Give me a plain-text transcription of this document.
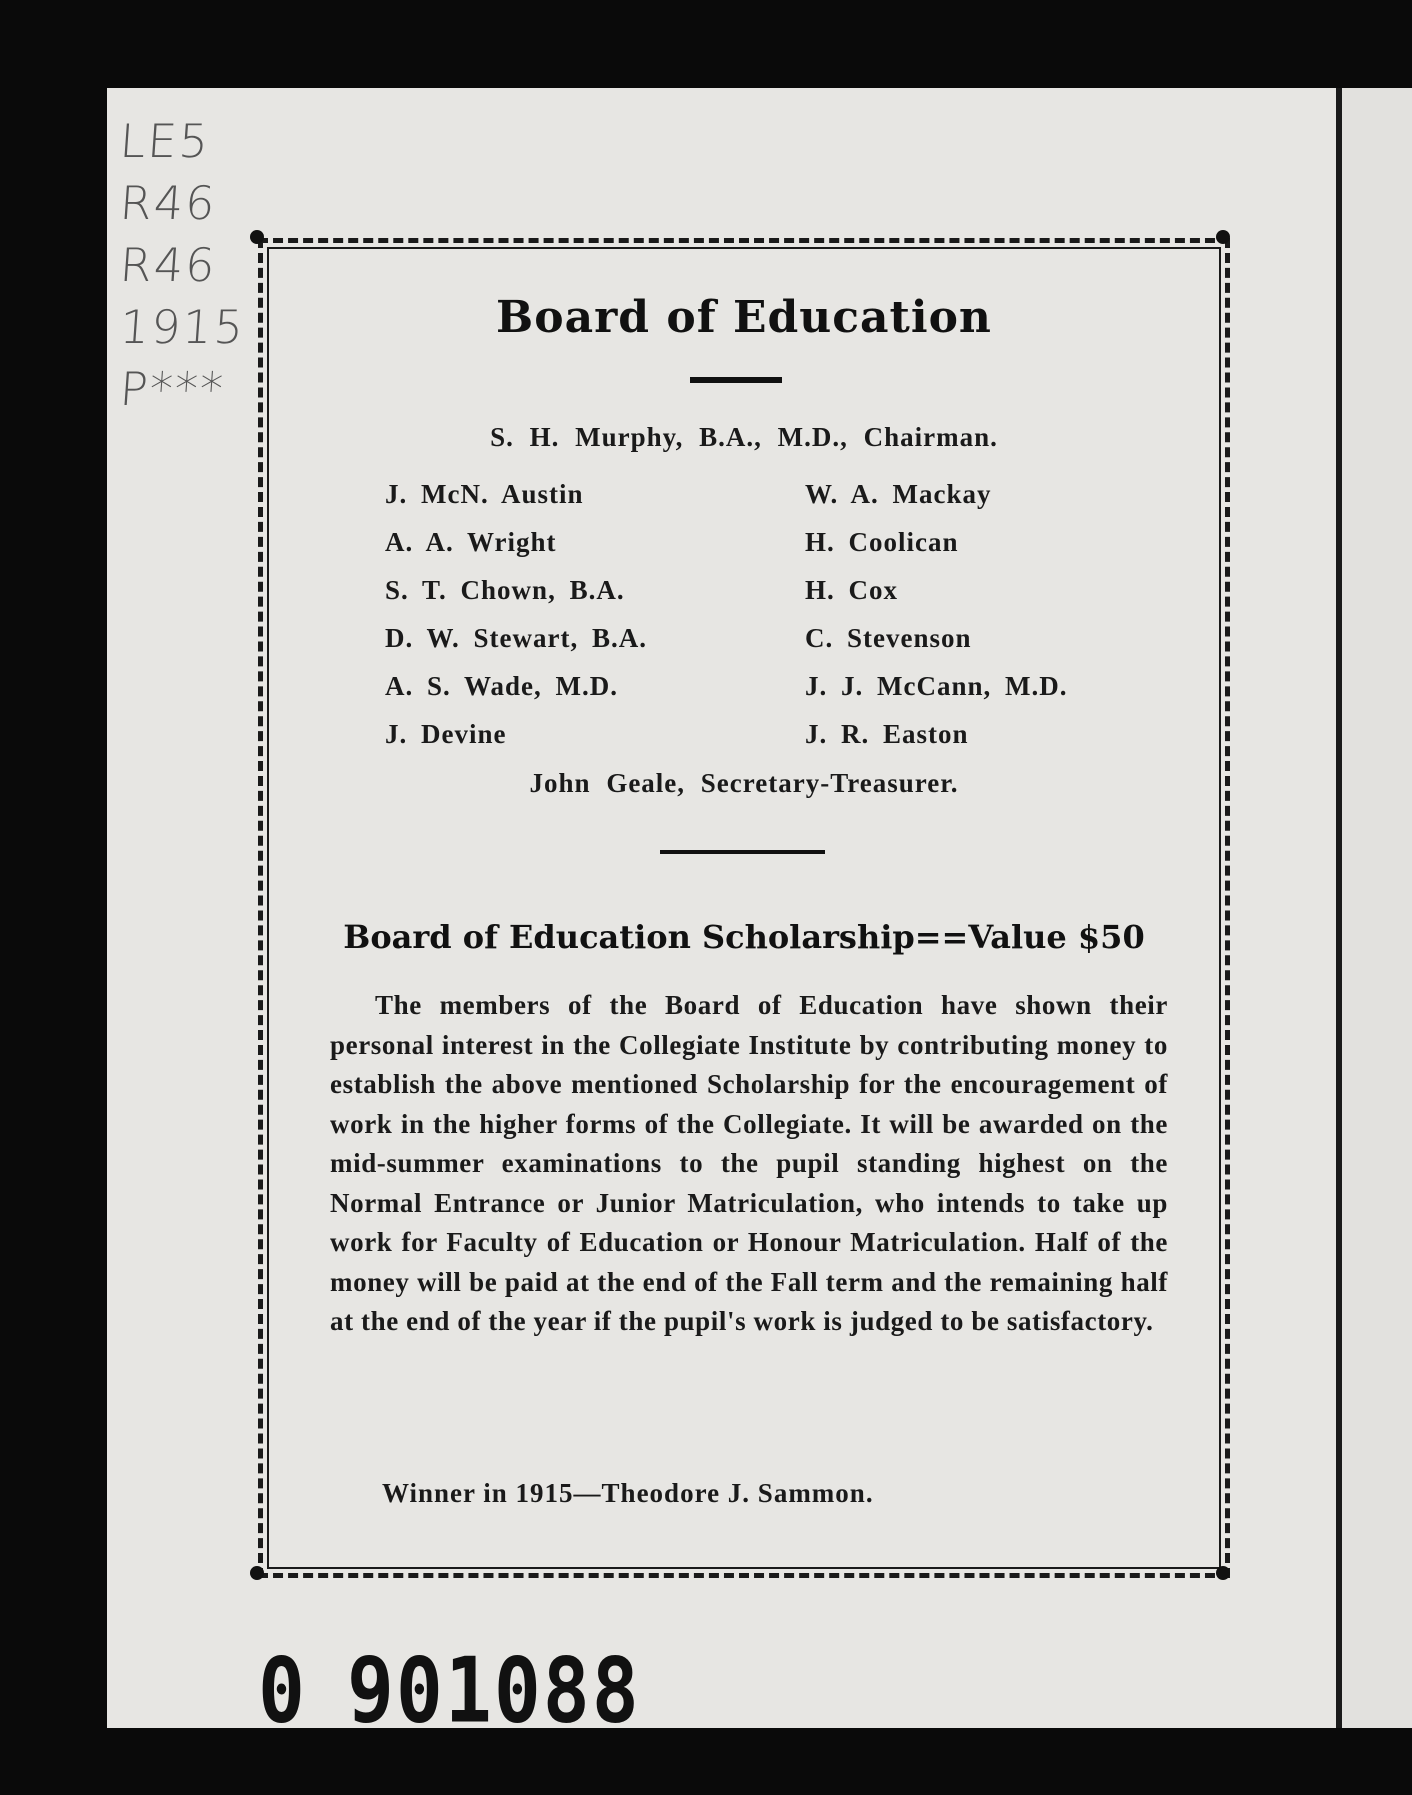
LE5
R46
R46
1915
P***
Board of Education
S. H. Murphy, B.A., M.D., Chairman.
J. McN. Austin
A. A. Wright
S. T. Chown, B.A.
D. W. Stewart, B.A.
A. S. Wade, M.D.
J. Devine
W. A. Mackay
H. Coolican
H. Cox
C. Stevenson
J. J. McCann, M.D.
J. R. Easton
John Geale, Secretary-Treasurer.
Board of Education Scholarship==Value $50

The members of the Board of Education have shown their personal interest in the Collegiate Institute by contributing money to establish the above mentioned Scholarship for the encouragement of work in the higher forms of the Collegiate. It will be awarded on the mid-summer examinations to the pupil standing highest on the Normal Entrance or Junior Matriculation, who intends to take up work for Faculty of Education or Honour Matriculation. Half of the money will be paid at the end of the Fall term and the remaining half at the end of the year if the pupil's work is judged to be satisfactory.

Winner in 1915—Theodore J. Sammon.
0 901088
